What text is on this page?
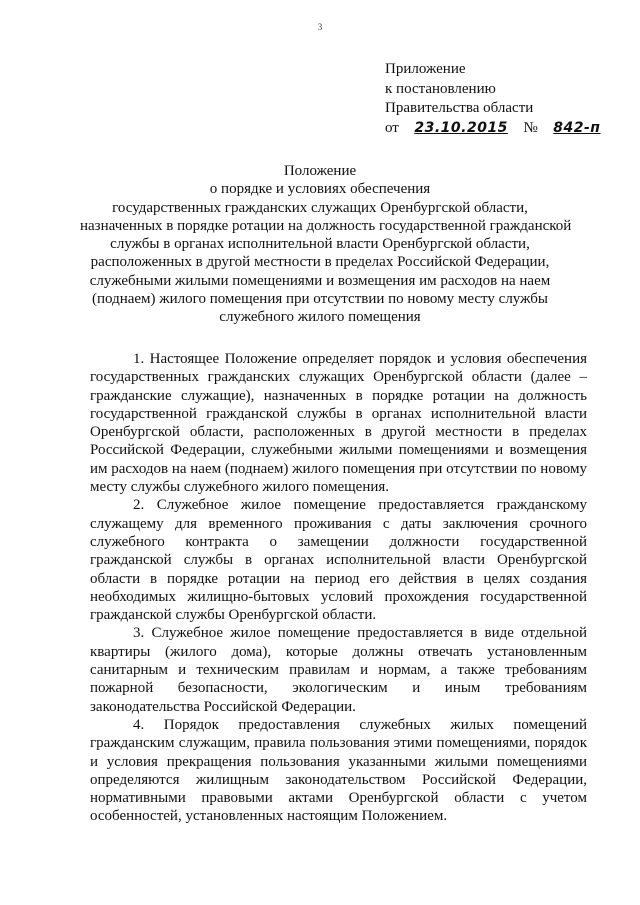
3
Приложение
к постановлению
Правительства области
от 23.10.2015 № 842-п
Положение
о порядке и условиях обеспечения
государственных гражданских служащих Оренбургской области,
назначенных в порядке ротации на должность государственной гражданской
службы в органах исполнительной власти Оренбургской области,
расположенных в другой местности в пределах Российской Федерации,
служебными жилыми помещениями и возмещения им расходов на наем
(поднаем) жилого помещения при отсутствии по новому месту службы
служебного жилого помещения

1. Настоящее Положение определяет порядок и условия обеспечения государственных гражданских служащих Оренбургской области (далее – гражданские служащие), назначенных в порядке ротации на должность государственной гражданской службы в органах исполнительной власти Оренбургской области, расположенных в другой местности в пределах Российской Федерации, служебными жилыми помещениями и возмещения им расходов на наем (поднаем) жилого помещения при отсутствии по новому месту службы служебного жилого помещения.

2. Служебное жилое помещение предоставляется гражданскому служащему для временного проживания с даты заключения срочного служебного контракта о замещении должности государственной гражданской службы в органах исполнительной власти Оренбургской области в порядке ротации на период его действия в целях создания необходимых жилищно-бытовых условий прохождения государственной гражданской службы Оренбургской области.

3. Служебное жилое помещение предоставляется в виде отдельной квартиры (жилого дома), которые должны отвечать установленным санитарным и техническим правилам и нормам, а также требованиям пожарной безопасности, экологическим и иным требованиям законодательства Российской Федерации.

4. Порядок предоставления служебных жилых помещений гражданским служащим, правила пользования этими помещениями, порядок и условия прекращения пользования указанными жилыми помещениями определяются жилищным законодательством Российской Федерации, нормативными правовыми актами Оренбургской области с учетом особенностей, установленных настоящим Положением.
